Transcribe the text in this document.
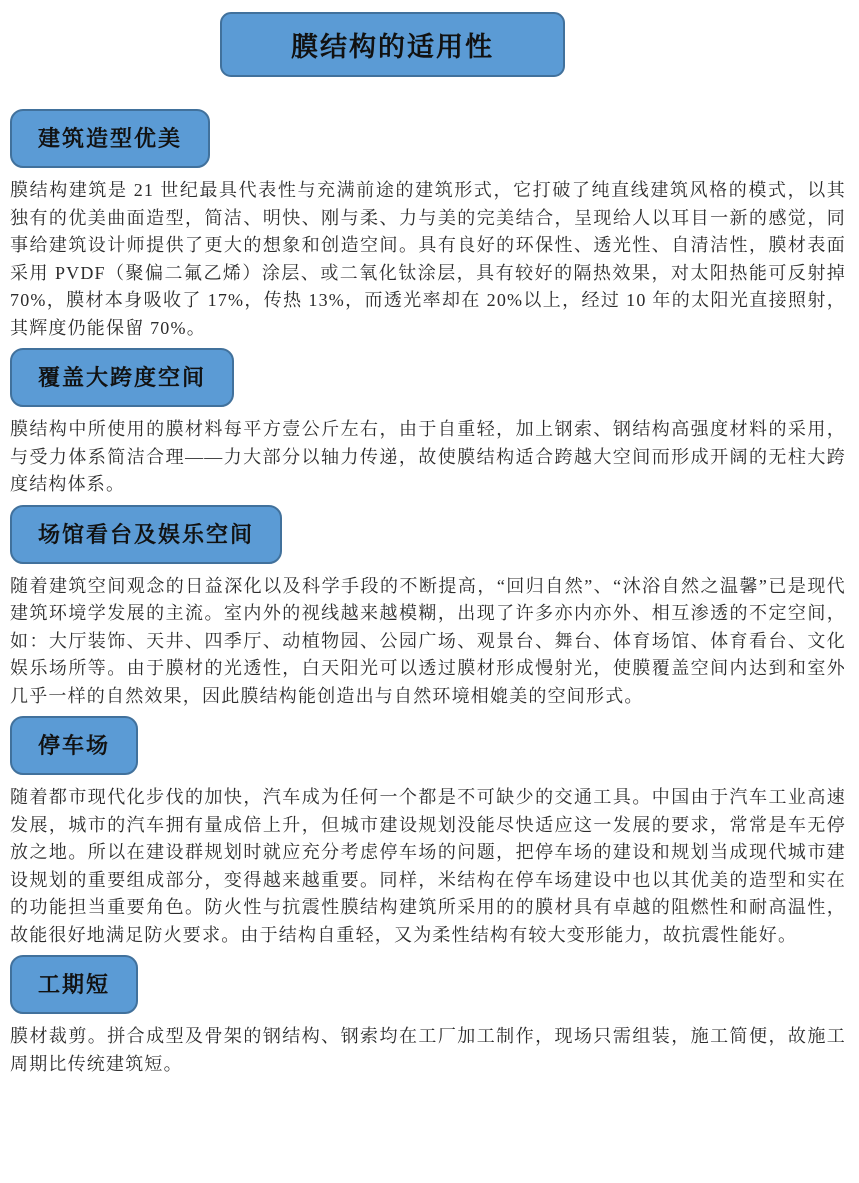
膜结构的适用性
建筑造型优美

膜结构建筑是 21 世纪最具代表性与充满前途的建筑形式，它打破了纯直线建筑风格的模式，以其独有的优美曲面造型，简洁、明快、刚与柔、力与美的完美结合，呈现给人以耳目一新的感觉，同事给建筑设计师提供了更大的想象和创造空间。具有良好的环保性、透光性、自清洁性，膜材表面采用 PVDF（聚偏二氟乙烯）涂层、或二氧化钛涂层，具有较好的隔热效果，对太阳热能可反射掉 70%，膜材本身吸收了 17%，传热 13%，而透光率却在 20%以上，经过 10 年的太阳光直接照射，其辉度仍能保留 70%。

覆盖大跨度空间

膜结构中所使用的膜材料每平方壹公斤左右，由于自重轻，加上钢索、钢结构高强度材料的采用，与受力体系简洁合理——力大部分以轴力传递，故使膜结构适合跨越大空间而形成开阔的无柱大跨度结构体系。

场馆看台及娱乐空间

随着建筑空间观念的日益深化以及科学手段的不断提高，“回归自然”、“沐浴自然之温馨”已是现代建筑环境学发展的主流。室内外的视线越来越模糊，出现了许多亦内亦外、相互渗透的不定空间，如：大厅装饰、天井、四季厅、动植物园、公园广场、观景台、舞台、体育场馆、体育看台、文化娱乐场所等。由于膜材的光透性，白天阳光可以透过膜材形成慢射光，使膜覆盖空间内达到和室外几乎一样的自然效果，因此膜结构能创造出与自然环境相媲美的空间形式。

停车场

随着都市现代化步伐的加快，汽车成为任何一个都是不可缺少的交通工具。中国由于汽车工业高速发展，城市的汽车拥有量成倍上升，但城市建设规划没能尽快适应这一发展的要求，常常是车无停放之地。所以在建设群规划时就应充分考虑停车场的问题，把停车场的建设和规划当成现代城市建设规划的重要组成部分，变得越来越重要。同样，米结构在停车场建设中也以其优美的造型和实在的功能担当重要角色。防火性与抗震性膜结构建筑所采用的的膜材具有卓越的阻燃性和耐高温性，故能很好地满足防火要求。由于结构自重轻，又为柔性结构有较大变形能力，故抗震性能好。

工期短

膜材裁剪。拼合成型及骨架的钢结构、钢索均在工厂加工制作，现场只需组装，施工简便，故施工周期比传统建筑短。
